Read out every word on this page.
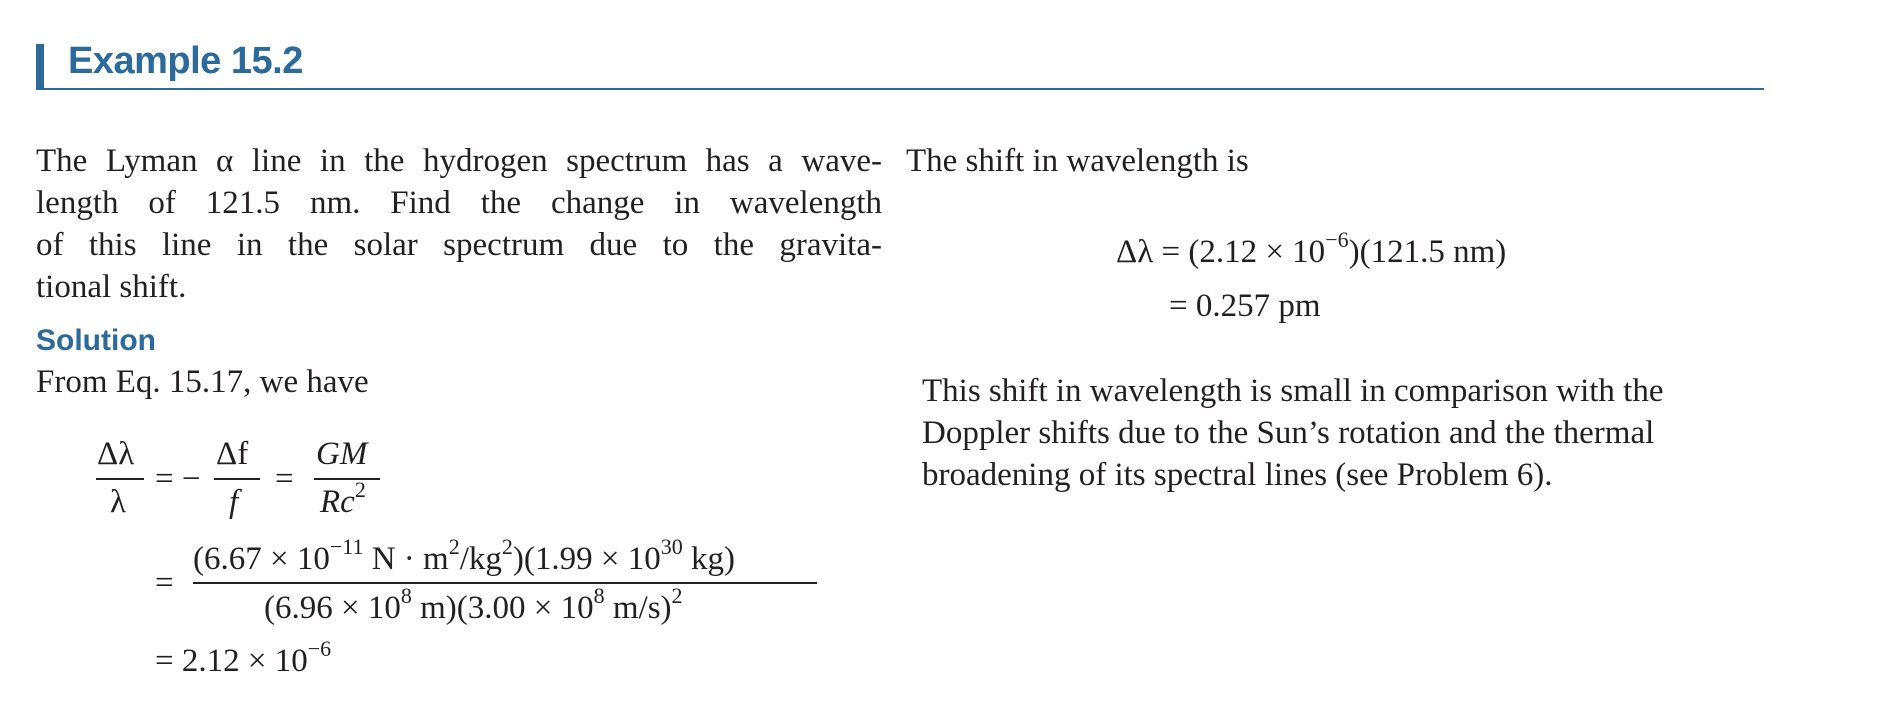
Example 15.2

The Lyman α line in the hydrogen spectrum has a wave-

length of 121.5 nm. Find the change in wavelength

of this line in the solar spectrum due to the gravita-

tional shift.

Solution
From Eq. 15.17, we have
Δλ
λ
= −
Δf
f
=
GM
$Rc^2$
=
($6.67 \times 10^{-11}$ $N \cdot m^2/kg^2)(1.99 \times 10^{30}$ kg)
($6.96 \times 10^8$ $m)(3.00 \times 10^8$ m/s)$^2$
= $2.12 \times 10^{-6}$

The shift in wavelength is

$\Delta\lambda = (2.12 \times 10^{-6})(121.5$ nm)
= 0.257 pm

This shift in wavelength is small in comparison with the

Doppler shifts due to the Sun’s rotation and the thermal

broadening of its spectral lines (see Problem 6).
